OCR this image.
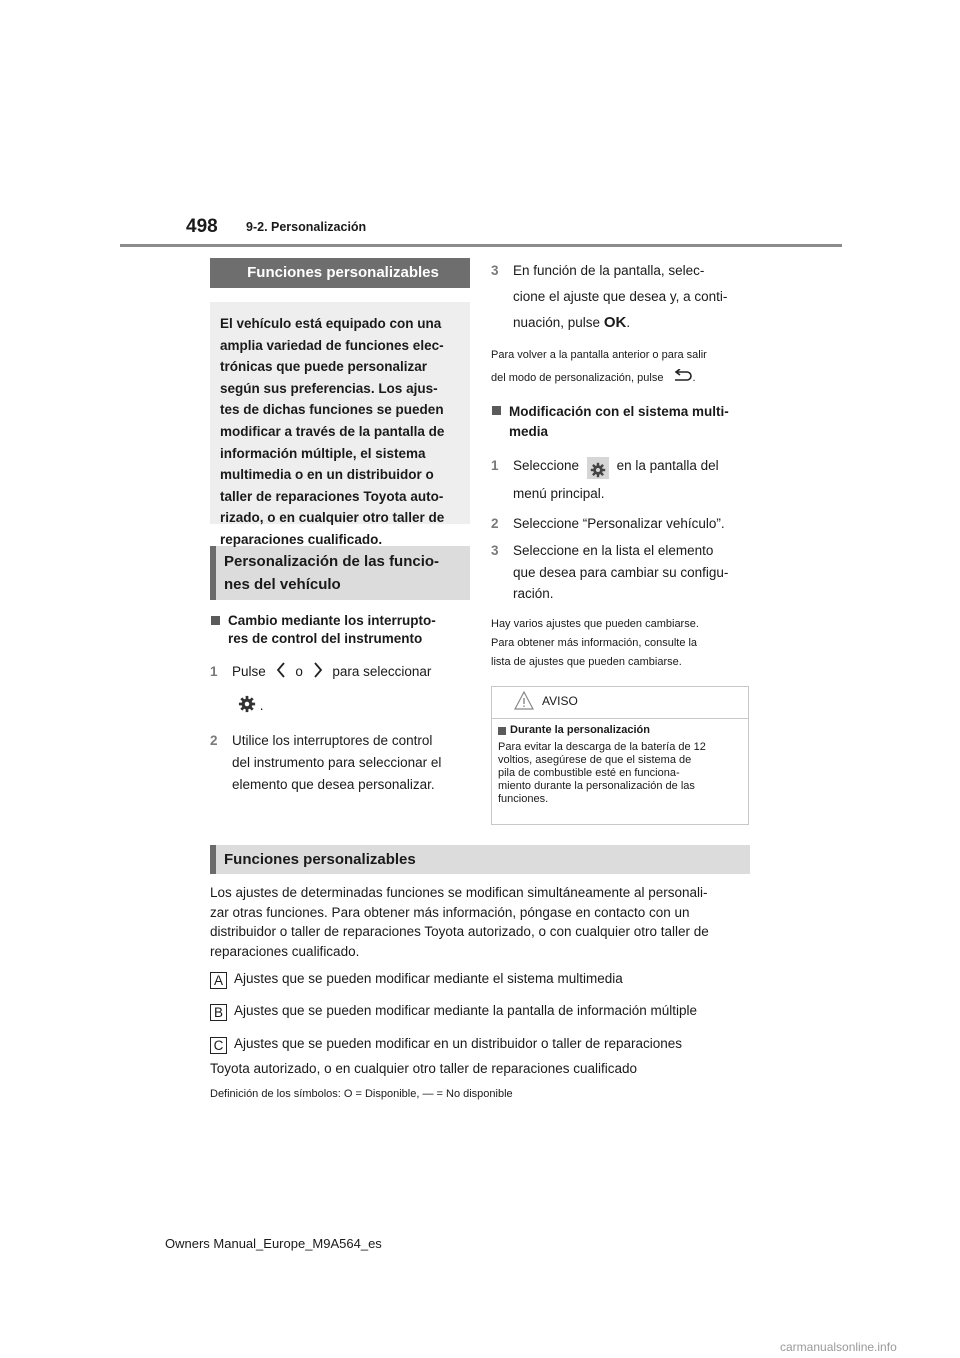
498 9-2. Personalización
Funciones personalizables
El vehículo está equipado con una
amplia variedad de funciones elec-
trónicas que puede personalizar
según sus preferencias. Los ajus-
tes de dichas funciones se pueden
modificar a través de la pantalla de
información múltiple, el sistema
multimedia o en un distribuidor o
taller de reparaciones Toyota auto-
rizado, o en cualquier otro taller de
reparaciones cualificado.
Personalización de las funcio-
nes del vehículo
Cambio mediante los interrupto-
res de control del instrumento
1 Pulse o para seleccionar
.
2 Utilice los interruptores de control
del instrumento para seleccionar el
elemento que desea personalizar.
3 En función de la pantalla, selec-
cione el ajuste que desea y, a conti-
nuación, pulse OK.
Para volver a la pantalla anterior o para salir
del modo de personalización, pulse	.
Modificación con el sistema multi-
media
1 Seleccione	en la pantalla del
menú principal.
2 Seleccione “Personalizar vehículo”.
3 Seleccione en la lista el elemento
que desea para cambiar su configu-
ración.
Hay varios ajustes que pueden cambiarse.
Para obtener más información, consulte la
lista de ajustes que pueden cambiarse.
AVISO
Durante la personalización
Para evitar la descarga de la batería de 12
voltios, asegúrese de que el sistema de
pila de combustible esté en funciona-
miento durante la personalización de las
funciones.
Funciones personalizables
Los ajustes de determinadas funciones se modifican simultáneamente al personali-
zar otras funciones. Para obtener más información, póngase en contacto con un
distribuidor o taller de reparaciones Toyota autorizado, o con cualquier otro taller de
reparaciones cualificado.
A Ajustes que se pueden modificar mediante el sistema multimedia
B Ajustes que se pueden modificar mediante la pantalla de información múltiple
C Ajustes que se pueden modificar en un distribuidor o taller de reparaciones
Toyota autorizado, o en cualquier otro taller de reparaciones cualificado
Definición de los símbolos: O = Disponible, — = No disponible
Owners Manual_Europe_M9A564_es
carmanualsonline.info
